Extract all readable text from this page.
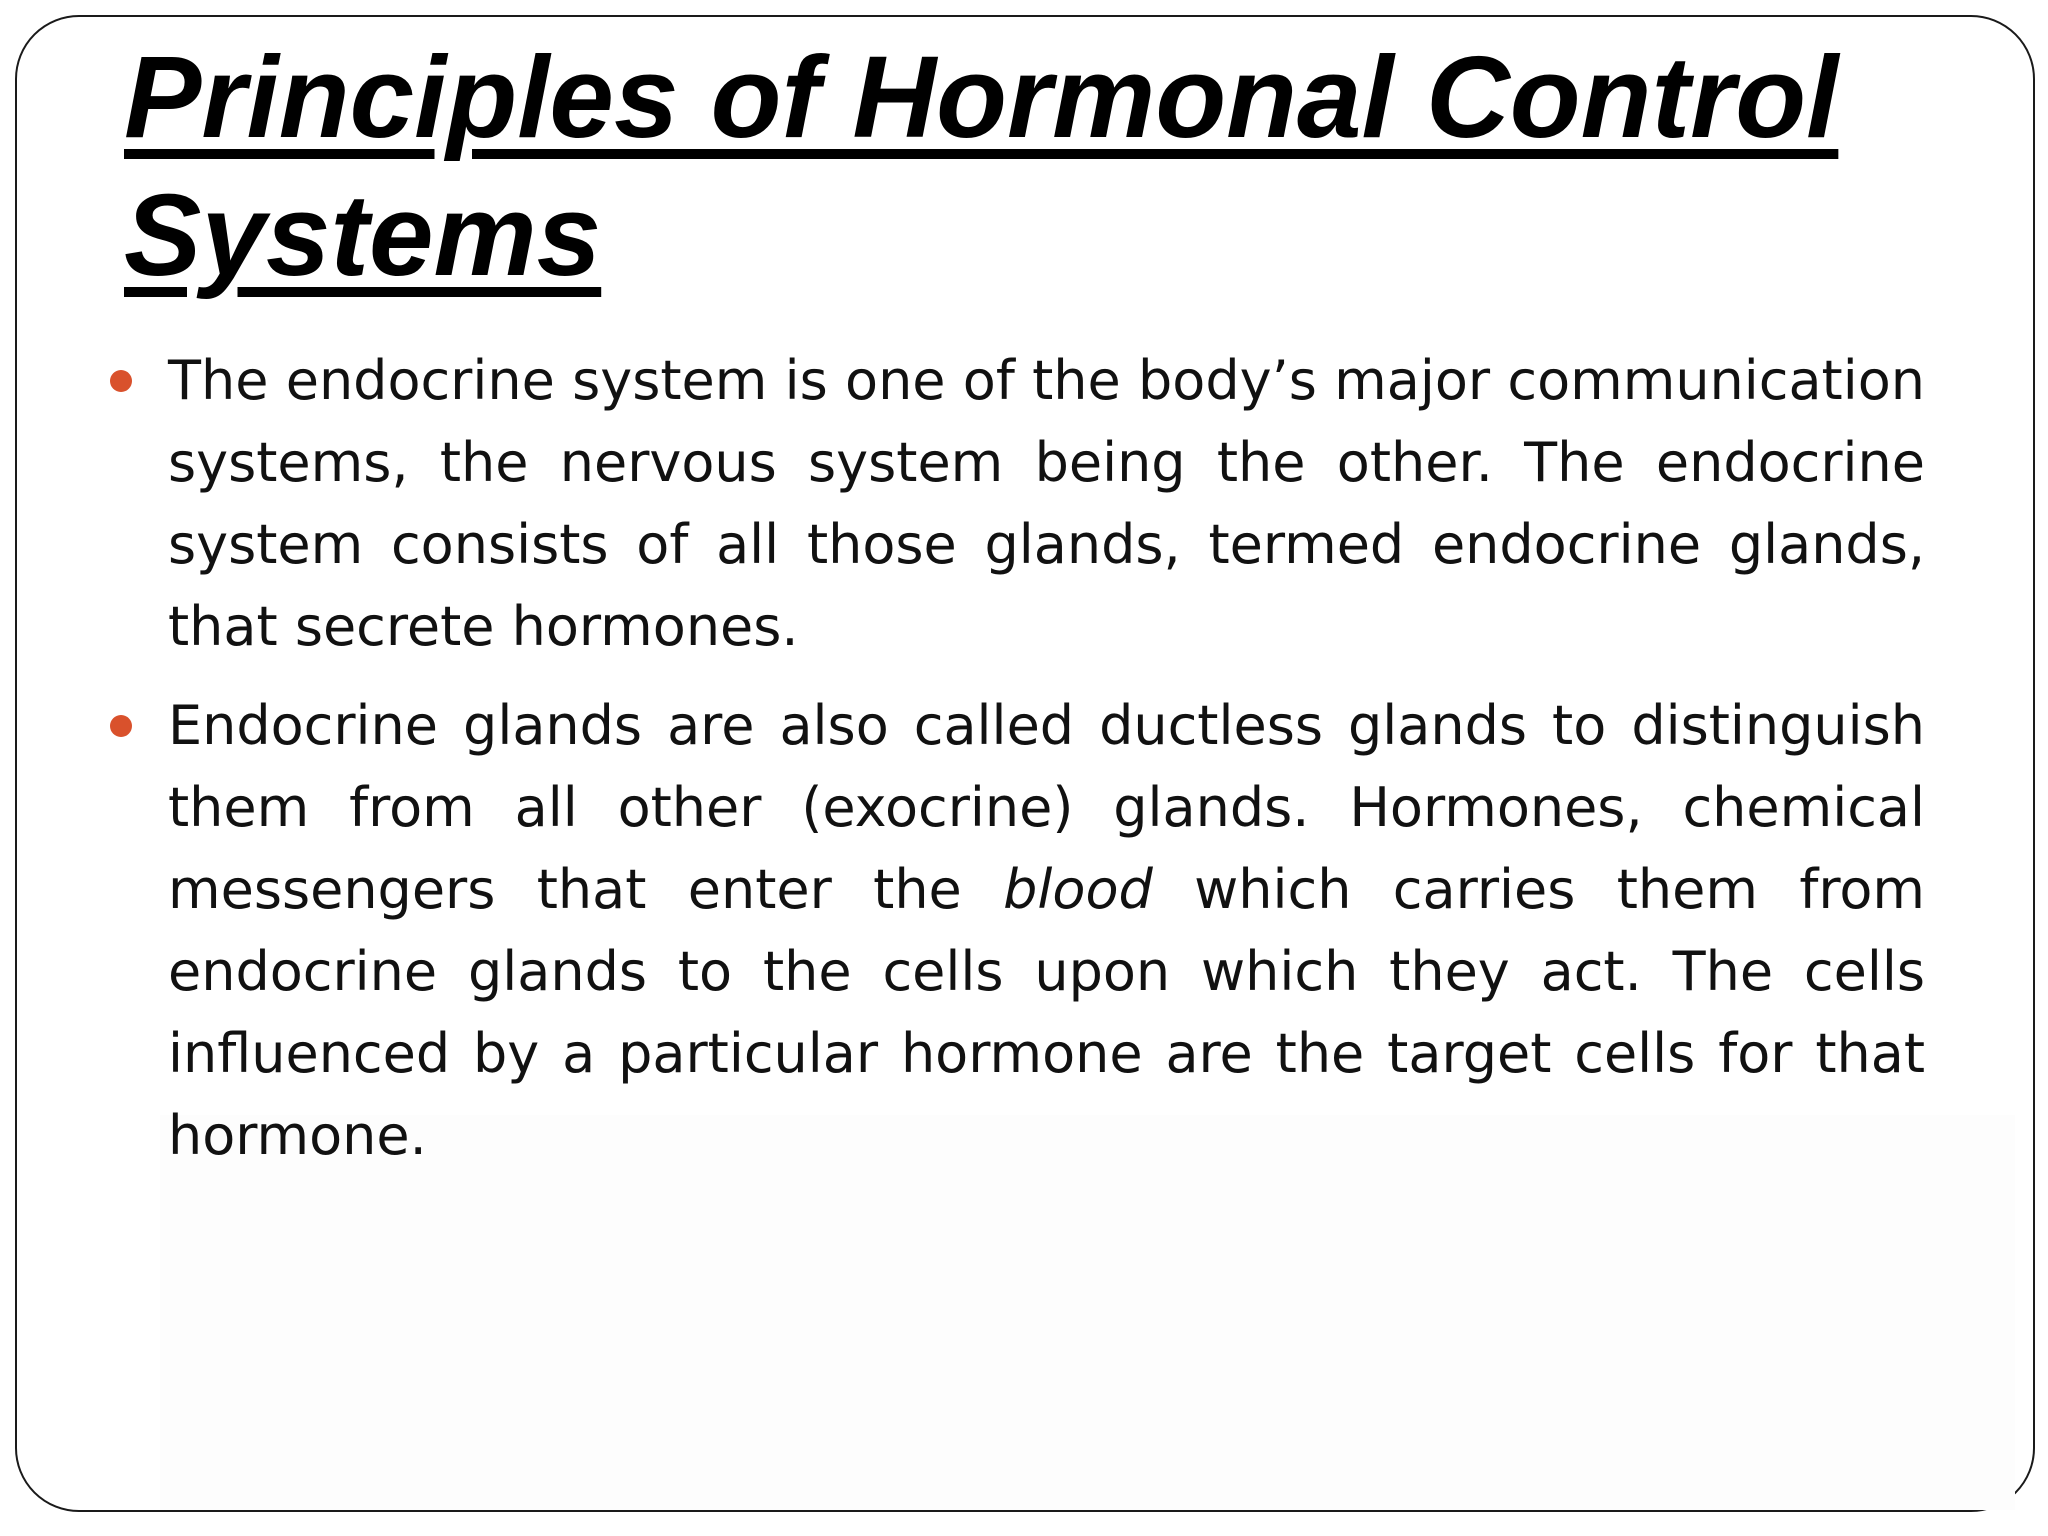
Principles of Hormonal Control Systems
The endocrine system is one of the body’s major communication systems, the nervous system being the other. The endocrine system consists of all those glands, termed endocrine glands, that secrete hormones.
Endocrine glands are also called ductless glands to distinguish them from all other (exocrine) glands. Hormones, chemical messengers that enter the blood which carries them from endocrine glands to the cells upon which they act. The cells influenced by a particular hormone are the target cells for that hormone.
